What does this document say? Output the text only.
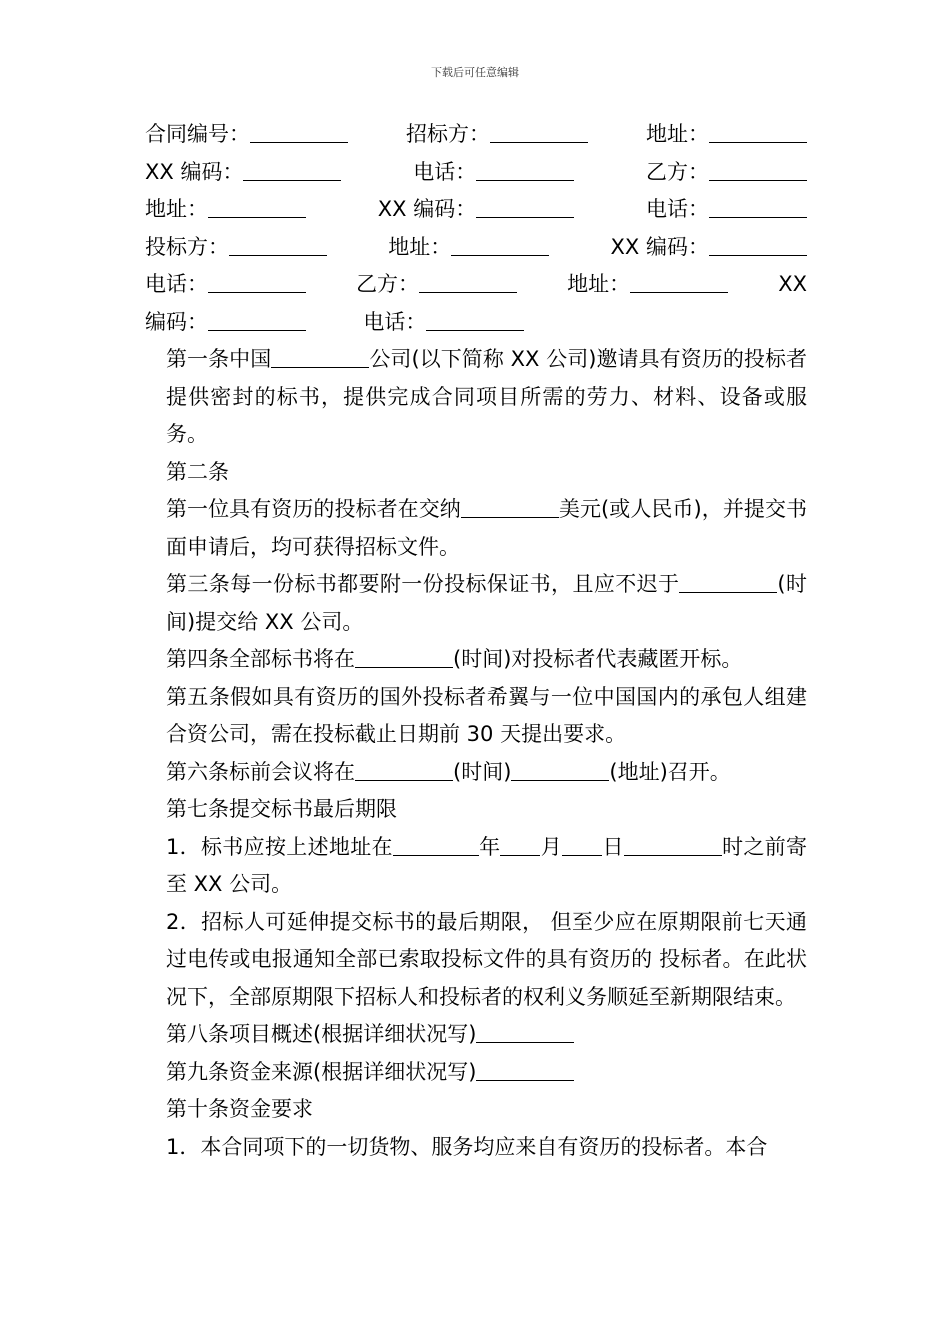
下载后可任意编辑
合同编号：	招标方：	地址：
XX 编码：	电话：	乙方：
地址：	XX 编码：	电话：
投标方：	地址：	XX 编码：
电话：	乙方：	地址：	XX
编码：	电话：
第一条中国	公司(以下简称 XX 公司)邀请具有资历的投标者提供密封的标书，提供完成合同项目所需的劳力、材料、设备或服务。
第二条
第一位具有资历的投标者在交纳	美元(或人民币)，并提交书面申请后，均可获得招标文件。
第三条每一份标书都要附一份投标保证书，且应不迟于	(时间)提交给 XX 公司。
第四条全部标书将在	(时间)对投标者代表藏匿开标。
第五条假如具有资历的国外投标者希翼与一位中国国内的承包人组建合资公司，需在投标截止日期前 30 天提出要求。
第六条标前会议将在	(时间)	(地址)召开。
第七条提交标书最后期限
1．标书应按上述地址在	年 月 日	时之前寄至 XX 公司。
2．招标人可延伸提交标书的最后期限， 但至少应在原期限前七天通过电传或电报通知全部已索取投标文件的具有资历的 投标者。在此状况下，全部原期限下招标人和投标者的权利义务顺延至新期限结束。
第八条项目概述(根据详细状况写)
第九条资金来源(根据详细状况写)
第十条资金要求
1．本合同项下的一切货物、服务均应来自有资历的投标者。本合
